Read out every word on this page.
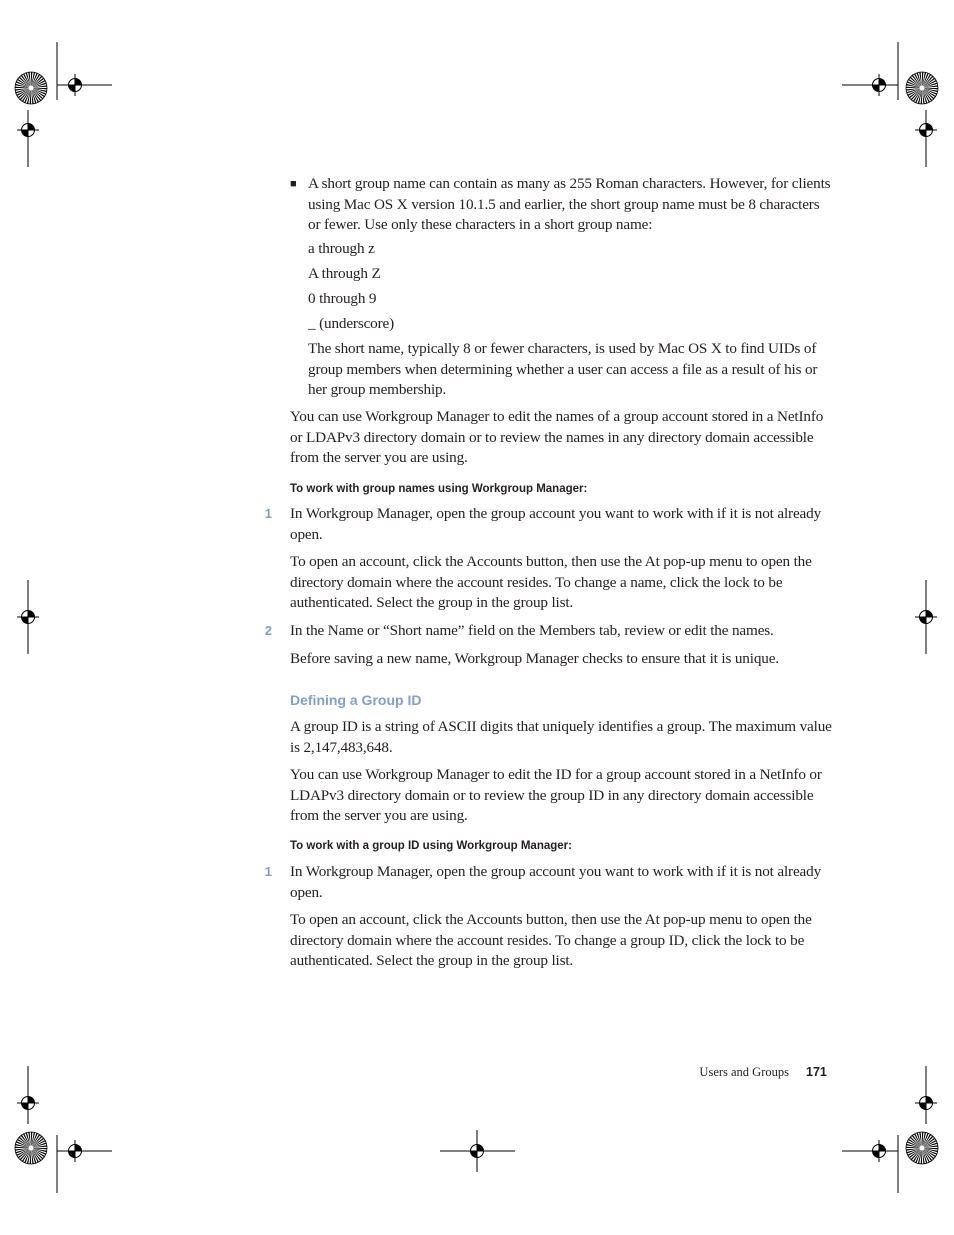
■ A short group name can contain as many as 255 Roman characters. However, for clients using Mac OS X version 10.1.5 and earlier, the short group name must be 8 characters or fewer. Use only these characters in a short group name:

a through z

A through Z

0 through 9

_ (underscore)

The short name, typically 8 or fewer characters, is used by Mac OS X to find UIDs of group members when determining whether a user can access a file as a result of his or her group membership.

You can use Workgroup Manager to edit the names of a group account stored in a NetInfo or LDAPv3 directory domain or to review the names in any directory domain accessible from the server you are using.

To work with group names using Workgroup Manager:
1 In Workgroup Manager, open the group account you want to work with if it is not already open.

To open an account, click the Accounts button, then use the At pop-up menu to open the directory domain where the account resides. To change a name, click the lock to be authenticated. Select the group in the group list.

2 In the Name or “Short name” field on the Members tab, review or edit the names.

Before saving a new name, Workgroup Manager checks to ensure that it is unique.

Defining a Group ID

A group ID is a string of ASCII digits that uniquely identifies a group. The maximum value is 2,147,483,648.

You can use Workgroup Manager to edit the ID for a group account stored in a NetInfo or LDAPv3 directory domain or to review the group ID in any directory domain accessible from the server you are using.

To work with a group ID using Workgroup Manager:
1 In Workgroup Manager, open the group account you want to work with if it is not already open.

To open an account, click the Accounts button, then use the At pop-up menu to open the directory domain where the account resides. To change a group ID, click the lock to be authenticated. Select the group in the group list.

Users and Groups 171
